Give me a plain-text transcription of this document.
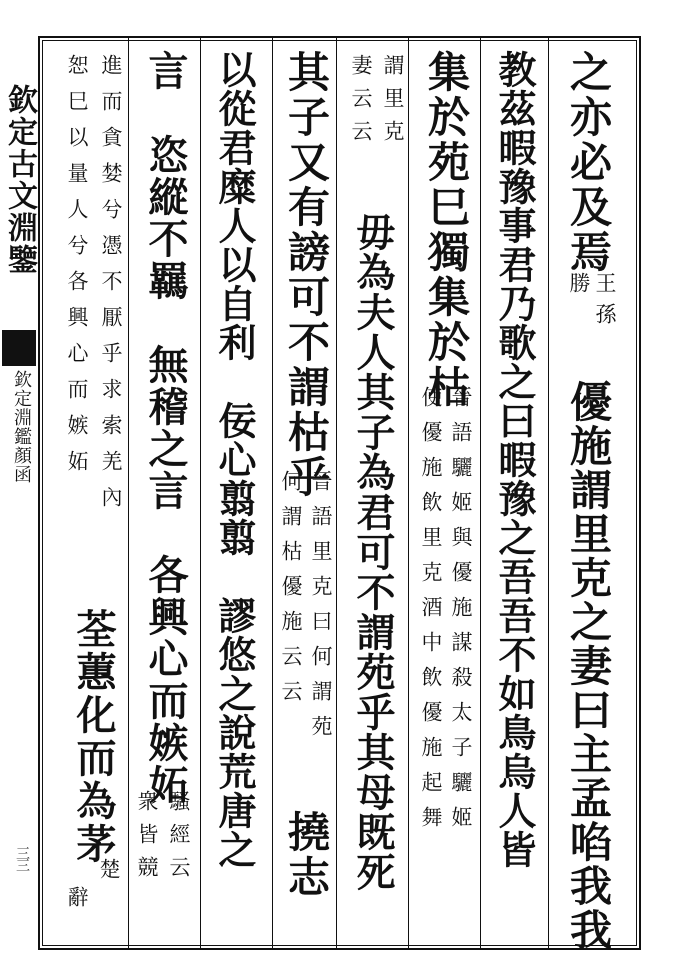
欽定古文淵鑒
欽定淵鑑顏函
三三
之亦必及焉
王孫
勝
優施謂里克之妻曰主孟啗我我
教茲暇豫事君乃歌之曰暇豫之吾吾不如鳥烏人皆
集於苑巳獨集於枯
晉語驪姬與優施謀殺太子驪姬
使優施飲里克酒中飲優施起舞
謂里克
妻云云
毋為夫人其子為君可不謂苑乎其母既死
其子又有謗可不謂枯乎
晉語里克曰何謂苑
何謂枯優施云云
撓志
以從君糜人以自利　佞心翦翦　謬悠之說荒唐之
言　恣縱不羈　無稽之言　各興心而嫉妬
騷經云
衆皆競
進而貪婪兮憑不厭乎求索羌內
恕巳以量人兮各興心而嫉妬
荃蕙化而為茅
楚
辭
